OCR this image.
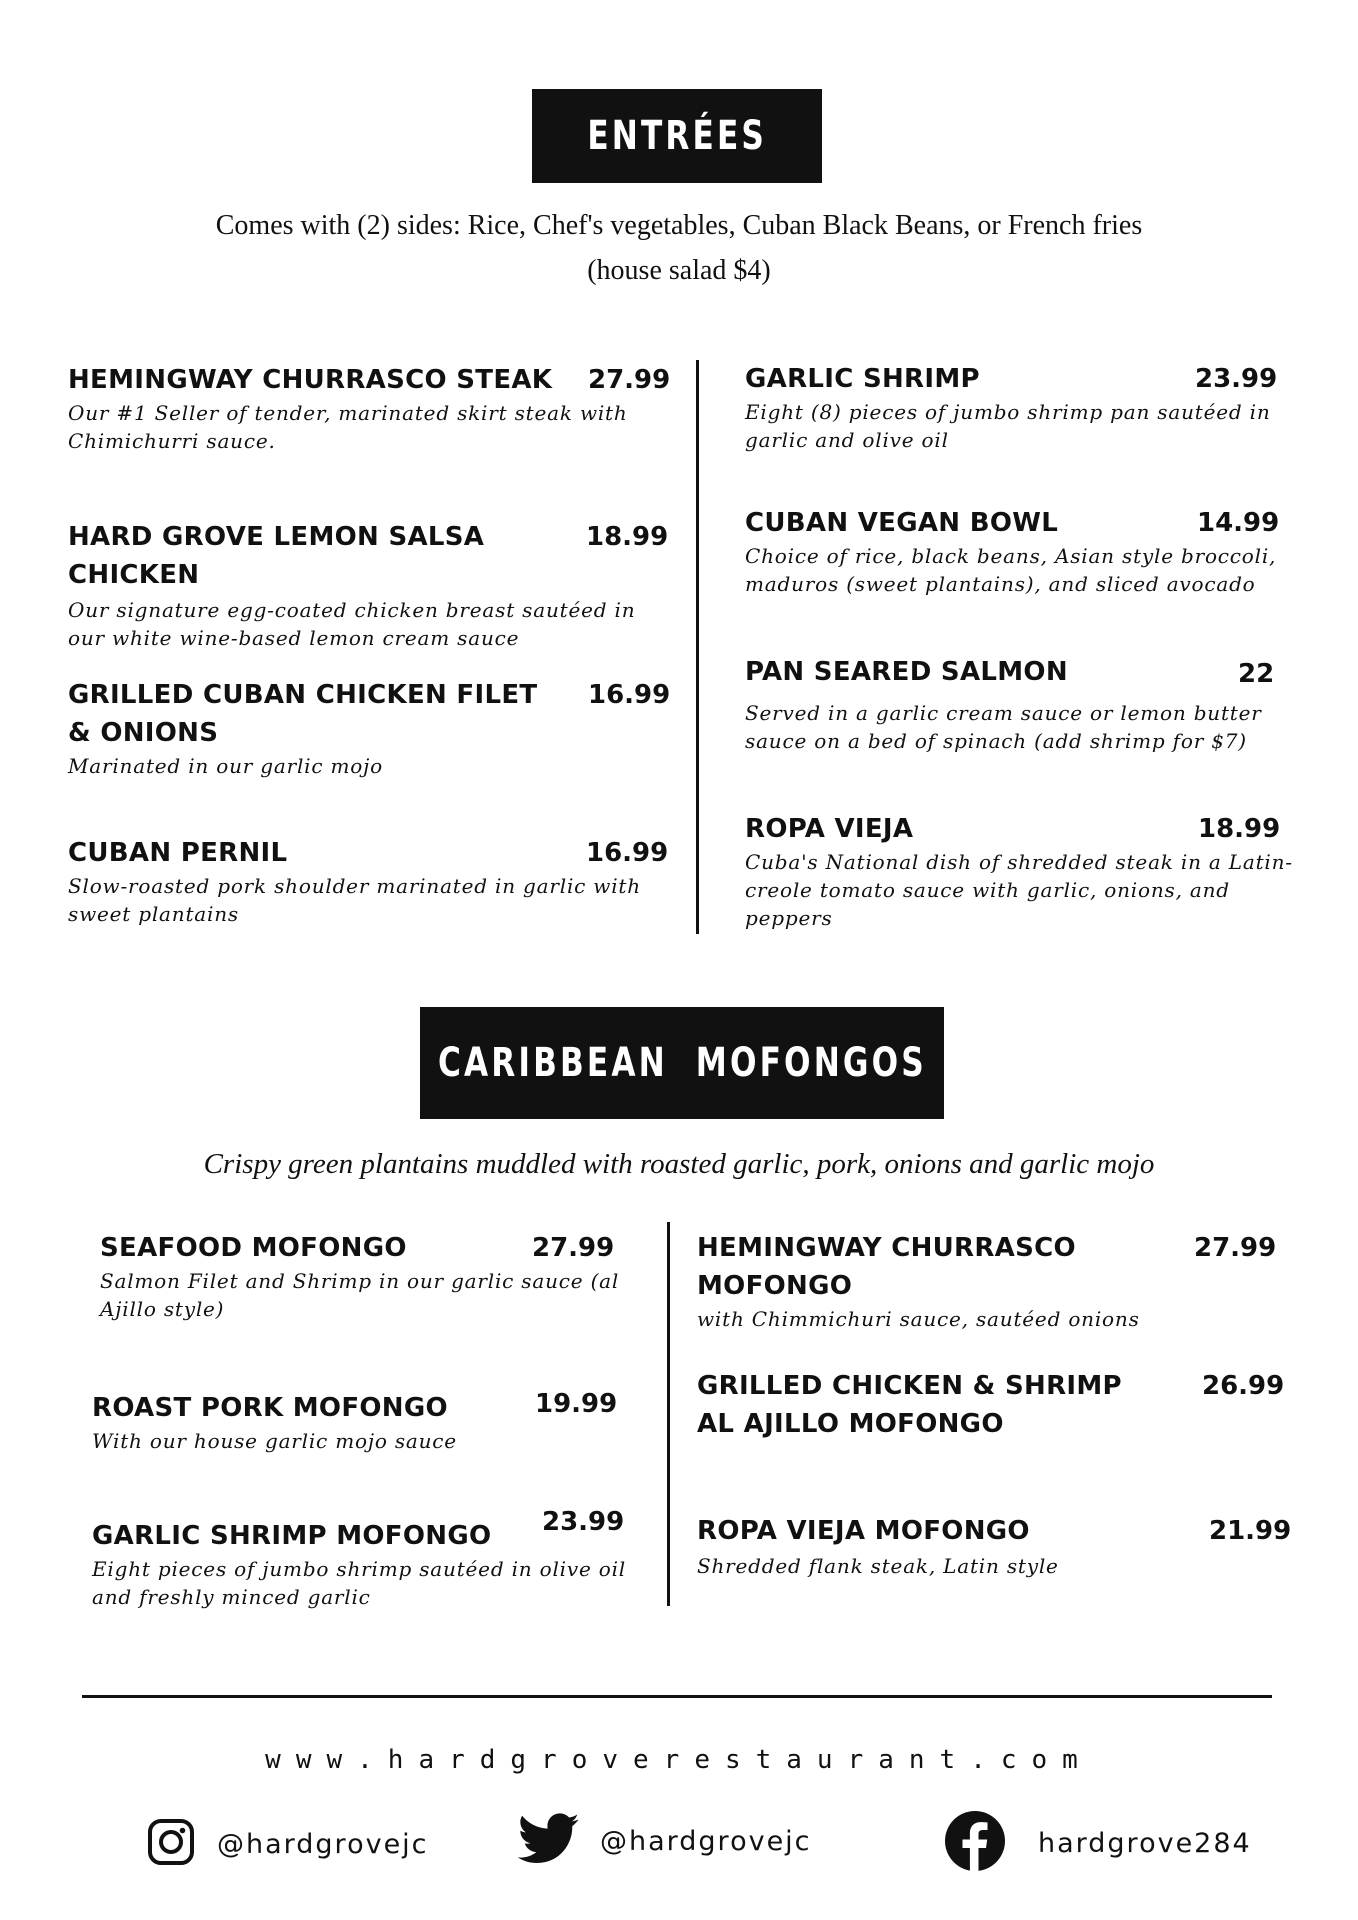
ENTRÉES
Comes with (2) sides: Rice, Chef's vegetables, Cuban Black Beans, or French fries
(house salad $4)
HEMINGWAY CHURRASCO STEAK	27.99
Our #1 Seller of tender, marinated skirt steak with Chimichurri sauce.
HARD GROVE LEMON SALSA CHICKEN
18.99
Our signature egg-coated chicken breast sautéed in our white wine-based lemon cream sauce
GRILLED CUBAN CHICKEN FILET & ONIONS
16.99
Marinated in our garlic mojo
CUBAN PERNIL	16.99
Slow-roasted pork shoulder marinated in garlic with sweet plantains
GARLIC SHRIMP	23.99
Eight (8) pieces of jumbo shrimp pan sautéed in garlic and olive oil
CUBAN VEGAN BOWL	14.99
Choice of rice, black beans, Asian style broccoli, maduros (sweet plantains), and sliced avocado
PAN SEARED SALMON	22
Served in a garlic cream sauce or lemon butter sauce on a bed of spinach (add shrimp for $7)
ROPA VIEJA	18.99
Cuba's National dish of shredded steak in a Latin-creole tomato sauce with garlic, onions, and peppers
CARIBBEAN  MOFONGOS
Crispy green plantains muddled with roasted garlic, pork, onions and garlic mojo
SEAFOOD MOFONGO	27.99
Salmon Filet and Shrimp in our garlic sauce (al Ajillo style)
ROAST PORK MOFONGO	19.99
With our house garlic mojo sauce
GARLIC SHRIMP MOFONGO	23.99
Eight pieces of jumbo shrimp sautéed in olive oil and freshly minced garlic
HEMINGWAY CHURRASCO MOFONGO
27.99
with Chimmichuri sauce, sautéed onions
GRILLED CHICKEN & SHRIMP AL AJILLO MOFONGO
26.99
ROPA VIEJA MOFONGO	21.99
Shredded flank steak, Latin style
www.hardgroverestaurant.com
@hardgrovejc	@hardgrovejc	hardgrove284
